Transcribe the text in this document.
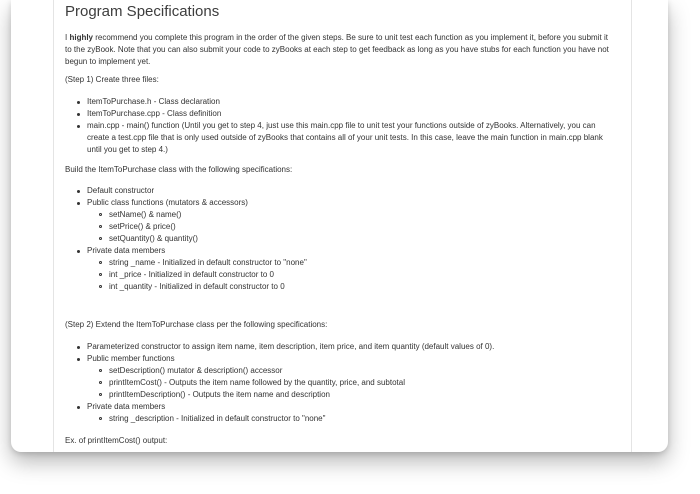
Program Specifications

I highly recommend you complete this program in the order of the given steps. Be sure to unit test each function as you implement it, before you submit it to the zyBook. Note that you can also submit your code to zyBooks at each step to get feedback as long as you have stubs for each function you have not begun to implement yet.

(Step 1) Create three files:

ItemToPurchase.h - Class declaration
ItemToPurchase.cpp - Class definition
main.cpp - main() function (Until you get to step 4, just use this main.cpp file to unit test your functions outside of zyBooks. Alternatively, you can create a test.cpp file that is only used outside of zyBooks that contains all of your unit tests. In this case, leave the main function in main.cpp blank until you get to step 4.)

Build the ItemToPurchase class with the following specifications:

Default constructor
Public class functions (mutators & accessors)
setName() & name()
setPrice() & price()
setQuantity() & quantity()
Private data members
string _name - Initialized in default constructor to "none"
int _price - Initialized in default constructor to 0
int _quantity - Initialized in default constructor to 0

(Step 2) Extend the ItemToPurchase class per the following specifications:

Parameterized constructor to assign item name, item description, item price, and item quantity (default values of 0).
Public member functions
setDescription() mutator & description() accessor
printItemCost() - Outputs the item name followed by the quantity, price, and subtotal
printItemDescription() - Outputs the item name and description
Private data members
string _description - Initialized in default constructor to "none"

Ex. of printItemCost() output:
